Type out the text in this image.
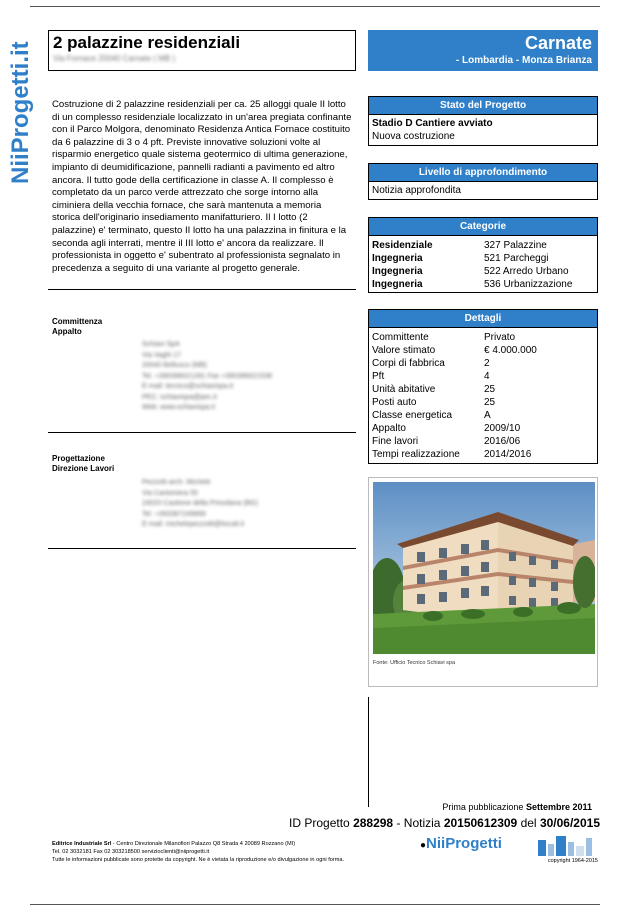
NiiProgetti.it 2 palazzine residenziali
Via Fornace 20040 Carnate ( MB )
Carnate
- Lombardia - Monza Brianza
Costruzione di 2 palazzine residenziali per ca. 25 alloggi quale II lotto di un complesso residenziale localizzato in un'area pregiata confinante con il Parco Molgora, denominato Residenza Antica Fornace costituito da 6 palazzine di 3 o 4 pft. Previste innovative soluzioni volte al risparmio energetico quale sistema geotermico di ultima generazione, impianto di deumidificazione, pannelli radianti a pavimento ed altro ancora. Il tutto gode della certificazione in classe A. Il complesso è completato da un parco verde attrezzato che sorge intorno alla ciminiera della vecchia fornace, che sarà mantenuta a memoria storica dell'originario insediamento manifatturiero. Il I lotto (2 palazzine) e' terminato, questo II lotto ha una palazzina in finitura e la seconda agli interrati, mentre il III lotto e' ancora da realizzare. Il professionista in oggetto e' subentrato al professionista segnalato in precedenza a seguito di una variante al progetto generale.
Stato del Progetto
Stadio D Cantiere avviato
Nuova costruzione
Livello di approfondimento
Notizia approfondita
Categorie
Residenziale	327 Palazzine
Ingegneria	521 Parcheggi
Ingegneria	522 Arredo Urbano
Ingegneria	536 Urbanizzazione
Dettagli
Committente	Privato
Valore stimato	€ 4.000.000
Corpi di fabbrica	2
Pft	4
Unità abitative	25
Posti auto	25
Classe energetica	A
Appalto	2009/10
Fine lavori	2016/06
Tempi realizzazione	2014/2016
Committenza
Appalto
Schiavi SpA
Via Vaghi 17
20040 Bellusco (MB)
Tel. +390396021281 Fax +390396021538
E-mail: tecnico@schiavispa.it
PEC: schiavispa@pec.it
Web: www.schiavispa.it
Progettazione
Direzione Lavori
Pezzotti arch. Michele
Via Cantoniera 55
24020 Castione della Presolana (BG)
Tel. +393387249899
E-mail: michelepezzotti@tiscali.it
Fonte: Ufficio Tecnico Schiavi spa
Prima pubblicazione Settembre 2011
ID Progetto 288298 - Notizia 20150612309 del 30/06/2015
Editrice Industriale Srl - Centro Direzionale Milanofiori Palazzo Q8 Strada 4 20089 Rozzano (MI)
Tel. 02 3032181 Fax 02 303218500 servizioclienti@niiprogetti.it
Tutte le informazioni pubblicate sono protette da copyright. Ne è vietata la riproduzione e/o divulgazione in ogni forma.
●NiiProgetti
copyright 1964-2015
